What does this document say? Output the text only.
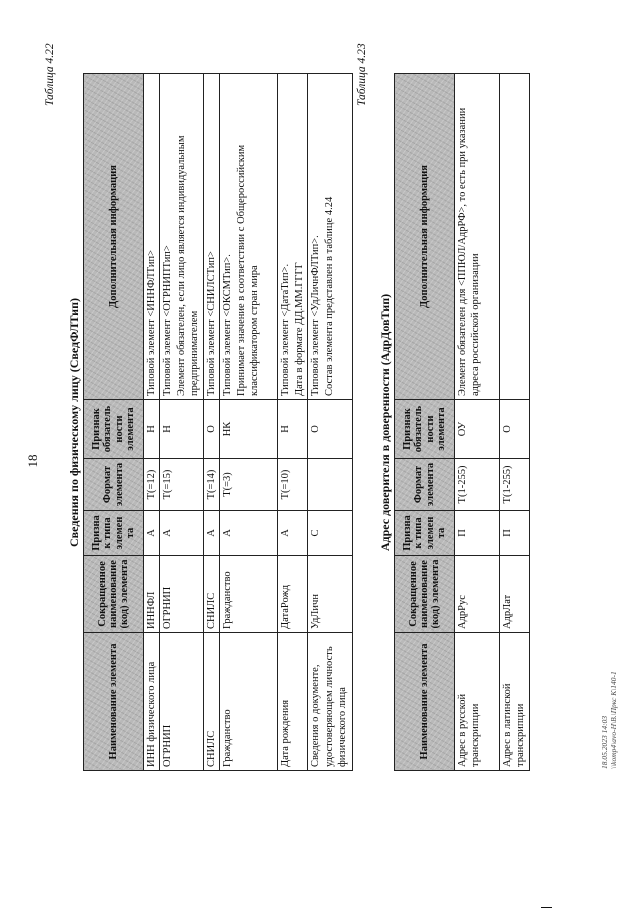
18
Таблица 4.22
Сведения по физическому лицу (СведФЛТип)
Наименование элемента	Сокращенное наименование (код) элемента	Признак типа элемента	Формат элемента	Признак обязательности элемента	Дополнительная информация
ИНН физического лица	ИННФЛ	А	T(=12)	Н	Типовой элемент <ИННФЛТип>
ОГРНИП	ОГРНИП	А	T(=15)	Н	Типовой элемент <ОГРНИПТип>
Элемент обязателен, если лицо является индивидуальным предпринимателем
СНИЛС	СНИЛС	А	T(=14)	О	Типовой элемент <СНИЛСТип>
Гражданство	Гражданство	А	T(=3)	НК	Типовой элемент <ОКСМТип>.
Принимает значение в соответствии с Общероссийским классификатором стран мира
Дата рождения	ДатаРожд	А	T(=10)	Н	Типовой элемент <ДатаТип>.
Дата в формате ДД.ММ.ГГГГ
Сведения о документе, удостоверяющем личность физического лица	УдЛичн	С		О	Типовой элемент <УдЛичнФЛТип>.
Состав элемента представлен в таблице 4.24
Таблица 4.23
Адрес доверителя в доверенности (АдрДовТип)
Наименование элемента	Сокращенное наименование (код) элемента	Признак типа элемента	Формат элемента	Признак обязательности элемента	Дополнительная информация
Адрес в русской транскрипции	АдрРус	П	T(1-255)	ОУ	Элемент обязателен для <ППЮЛ/АдрРФ>, то есть при указании адреса российской организации
Адрес в латинской транскрипции	АдрЛат	П	T(1-255)	О	
18.05.2023 14:03 \\komp4\avo-H\В.\Пркс К\140-1
